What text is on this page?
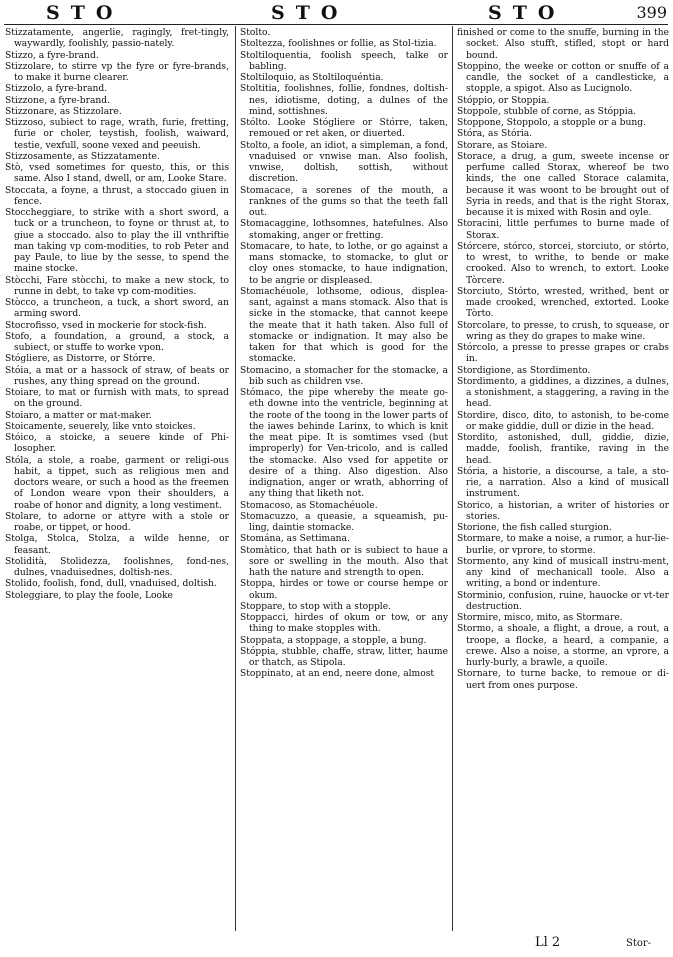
STO	STO	STO	399
Stizzatamente, angerlie, ragingly, fret-tingly, waywardly, foolishly, passio-nately.
Stizzo, a fyre-brand.
Stizzolare, to stirre vp the fyre or fyre-brands, to make it burne clearer.
Stizzolo, a fyre-brand.
Stizzone, a fyre-brand.
Stizzonare, as Stizzolare.
Stizzoso, subiect to rage, wrath, furie, fretting, furie or choler, teystish, foolish, waiward, testie, vexfull, soone vexed and peeuish.
Stizzosamente, as Stizzatamente.
Stò, vsed sometimes for questo, this, or this same. Also I stand, dwell, or am, Looke Stare.
Stoccata, a foyne, a thrust, a stoccado giuen in fence.
Stoccheggiare, to strike with a short sword, a tuck or a truncheon, to foyne or thrust at, to giue a stoccado. also to play the ill vnthriftie man taking vp com-modities, to rob Peter and pay Paule, to liue by the sesse, to spend the maine stocke.
Stòcchi, Fare stòcchi, to make a new stock, to runne in debt, to take vp com-modities.
Stòcco, a truncheon, a tuck, a short sword, an arming sword.
Stocrofisso, vsed in mockerie for stock-fish.
Stofo, a foundation, a ground, a stock, a subiect, or stuffe to worke vpon.
Stógliere, as Distorre, or Stórre.
Stóia, a mat or a hassock of straw, of beats or rushes, any thing spread on the ground.
Stoiare, to mat or furnish with mats, to spread on the ground.
Stoiaro, a matter or mat-maker.
Stoicamente, seuerely, like vnto stoickes.
Stóico, a stoicke, a seuere kinde of Phi-losopher.
Stóla, a stole, a roabe, garment or religi-ous habit, a tippet, such as religious men and doctors weare, or such a hood as the freemen of London weare vpon their shoulders, a roabe of honor and dignity, a long vestiment.
Stolare, to adorne or attyre with a stole or roabe, or tippet, or hood.
Stolga, Stolca, Stolza, a wilde henne, or feasant.
Stolidità, Stolidezza, foolishnes, fond-nes, dulnes, vnaduisednes, doltish-nes.
Stolido, foolish, fond, dull, vnaduised, doltish.
Stoleggiare, to play the foole, Looke
Stolto.
Stoltezza, foolishnes or follie, as Stol-tizia.
Stoltiloquentia, foolish speech, talke or babling.
Stoltiloquio, as Stoltiloquéntia.
Stoltitia, foolishnes, follie, fondnes, doltish-nes, idiotisme, doting, a dulnes of the mind, sottishnes.
Stólto. Looke Stógliere or Stórre, taken, remoued or ret aken, or diuerted.
Stolto, a foole, an idiot, a simpleman, a fond, vnaduised or vnwise man. Also foolish, vnwise, doltish, sottish, without discretion.
Stomacace, a sorenes of the mouth, a ranknes of the gums so that the teeth fall out.
Stomacaggine, lothsomnes, hatefulnes. Also stomaking, anger or fretting.
Stomacare, to hate, to lothe, or go against a mans stomacke, to stomacke, to glut or cloy ones stomacke, to haue indignation, to be angrie or displeased.
Stomachéuole, lothsome, odious, displea-sant, against a mans stomack. Also that is sicke in the stomacke, that cannot keepe the meate that it hath taken. Also full of stomacke or indignation. It may also be taken for that which is good for the stomacke.
Stomacino, a stomacher for the stomacke, a bib such as children vse.
Stómaco, the pipe whereby the meate go-eth downe into the ventricle, beginning at the roote of the toong in the lower parts of the iawes behinde Larinx, to which is knit the meat pipe. It is somtimes vsed (but improperly) for Ven-tricolo, and is called the stomacke. Also vsed for appetite or desire of a thing. Also digestion. Also indignation, anger or wrath, abhorring of any thing that liketh not.
Stomacoso, as Stomachéuole.
Stomacuzzo, a queasie, a squeamish, pu-ling, daintie stomacke.
Stomána, as Settimana.
Stomàtico, that hath or is subiect to haue a sore or swelling in the mouth. Also that hath the nature and strength to open.
Stoppa, hirdes or towe or course hempe or okum.
Stoppare, to stop with a stopple.
Stoppacci, hirdes of okum or tow, or any thing to make stopples with.
Stoppata, a stoppage, a stopple, a bung.
Stóppia, stubble, chaffe, straw, litter, haume or thatch, as Stipola.
Stoppinato, at an end, neere done, almost
finished or come to the snuffe, burning in the socket. Also stufft, stifled, stopt or hard bound.
Stoppino, the weeke or cotton or snuffe of a candle, the socket of a candlesticke, a stopple, a spigot. Also as Lucignolo.
Stóppio, or Stoppia.
Stoppole, stubble of corne, as Stóppia.
Stoppone, Stoppolo, a stopple or a bung.
Stóra, as Stória.
Storare, as Stoiare.
Storace, a drug, a gum, sweete incense or perfume called Storax, whereof be two kinds, the one called Storace calamita, because it was woont to be brought out of Syria in reeds, and that is the right Storax, because it is mixed with Rosin and oyle.
Storacini, little perfumes to burne made of Storax.
Stórcere, stórco, storcei, storciuto, or stórto, to wrest, to writhe, to bende or make crooked. Also to wrench, to extort. Looke Tòrcere.
Storciuto, Stórto, wrested, writhed, bent or made crooked, wrenched, extorted. Looke Tòrto.
Storcolare, to presse, to crush, to squease, or wring as they do grapes to make wine.
Stórcolo, a presse to presse grapes or crabs in.
Stordigione, as Stordimento.
Stordimento, a giddines, a dizzines, a dulnes, a stonishment, a staggering, a raving in the head.
Stordire, disco, dito, to astonish, to be-come or make giddie, dull or dizie in the head.
Stordito, astonished, dull, giddie, dizie, madde, foolish, frantike, raving in the head.
Stória, a historie, a discourse, a tale, a sto-rie, a narration. Also a kind of musicall instrument.
Storico, a historian, a writer of histories or stories.
Storione, the fish called sturgion.
Stormare, to make a noise, a rumor, a hur-lie-burlie, or vprore, to storme.
Stormento, any kind of musicall instru-ment, any kind of mechanicall toole. Also a writing, a bond or indenture.
Storminio, confusion, ruine, hauocke or vt-ter destruction.
Stormire, misco, mito, as Stormare.
Stormo, a shoale, a flight, a droue, a rout, a troope, a flocke, a heard, a companie, a crewe. Also a noise, a storme, an vprore, a hurly-burly, a brawle, a quoile.
Stornare, to turne backe, to remoue or di-uert from ones purpose.
Ll 2	Stor-
